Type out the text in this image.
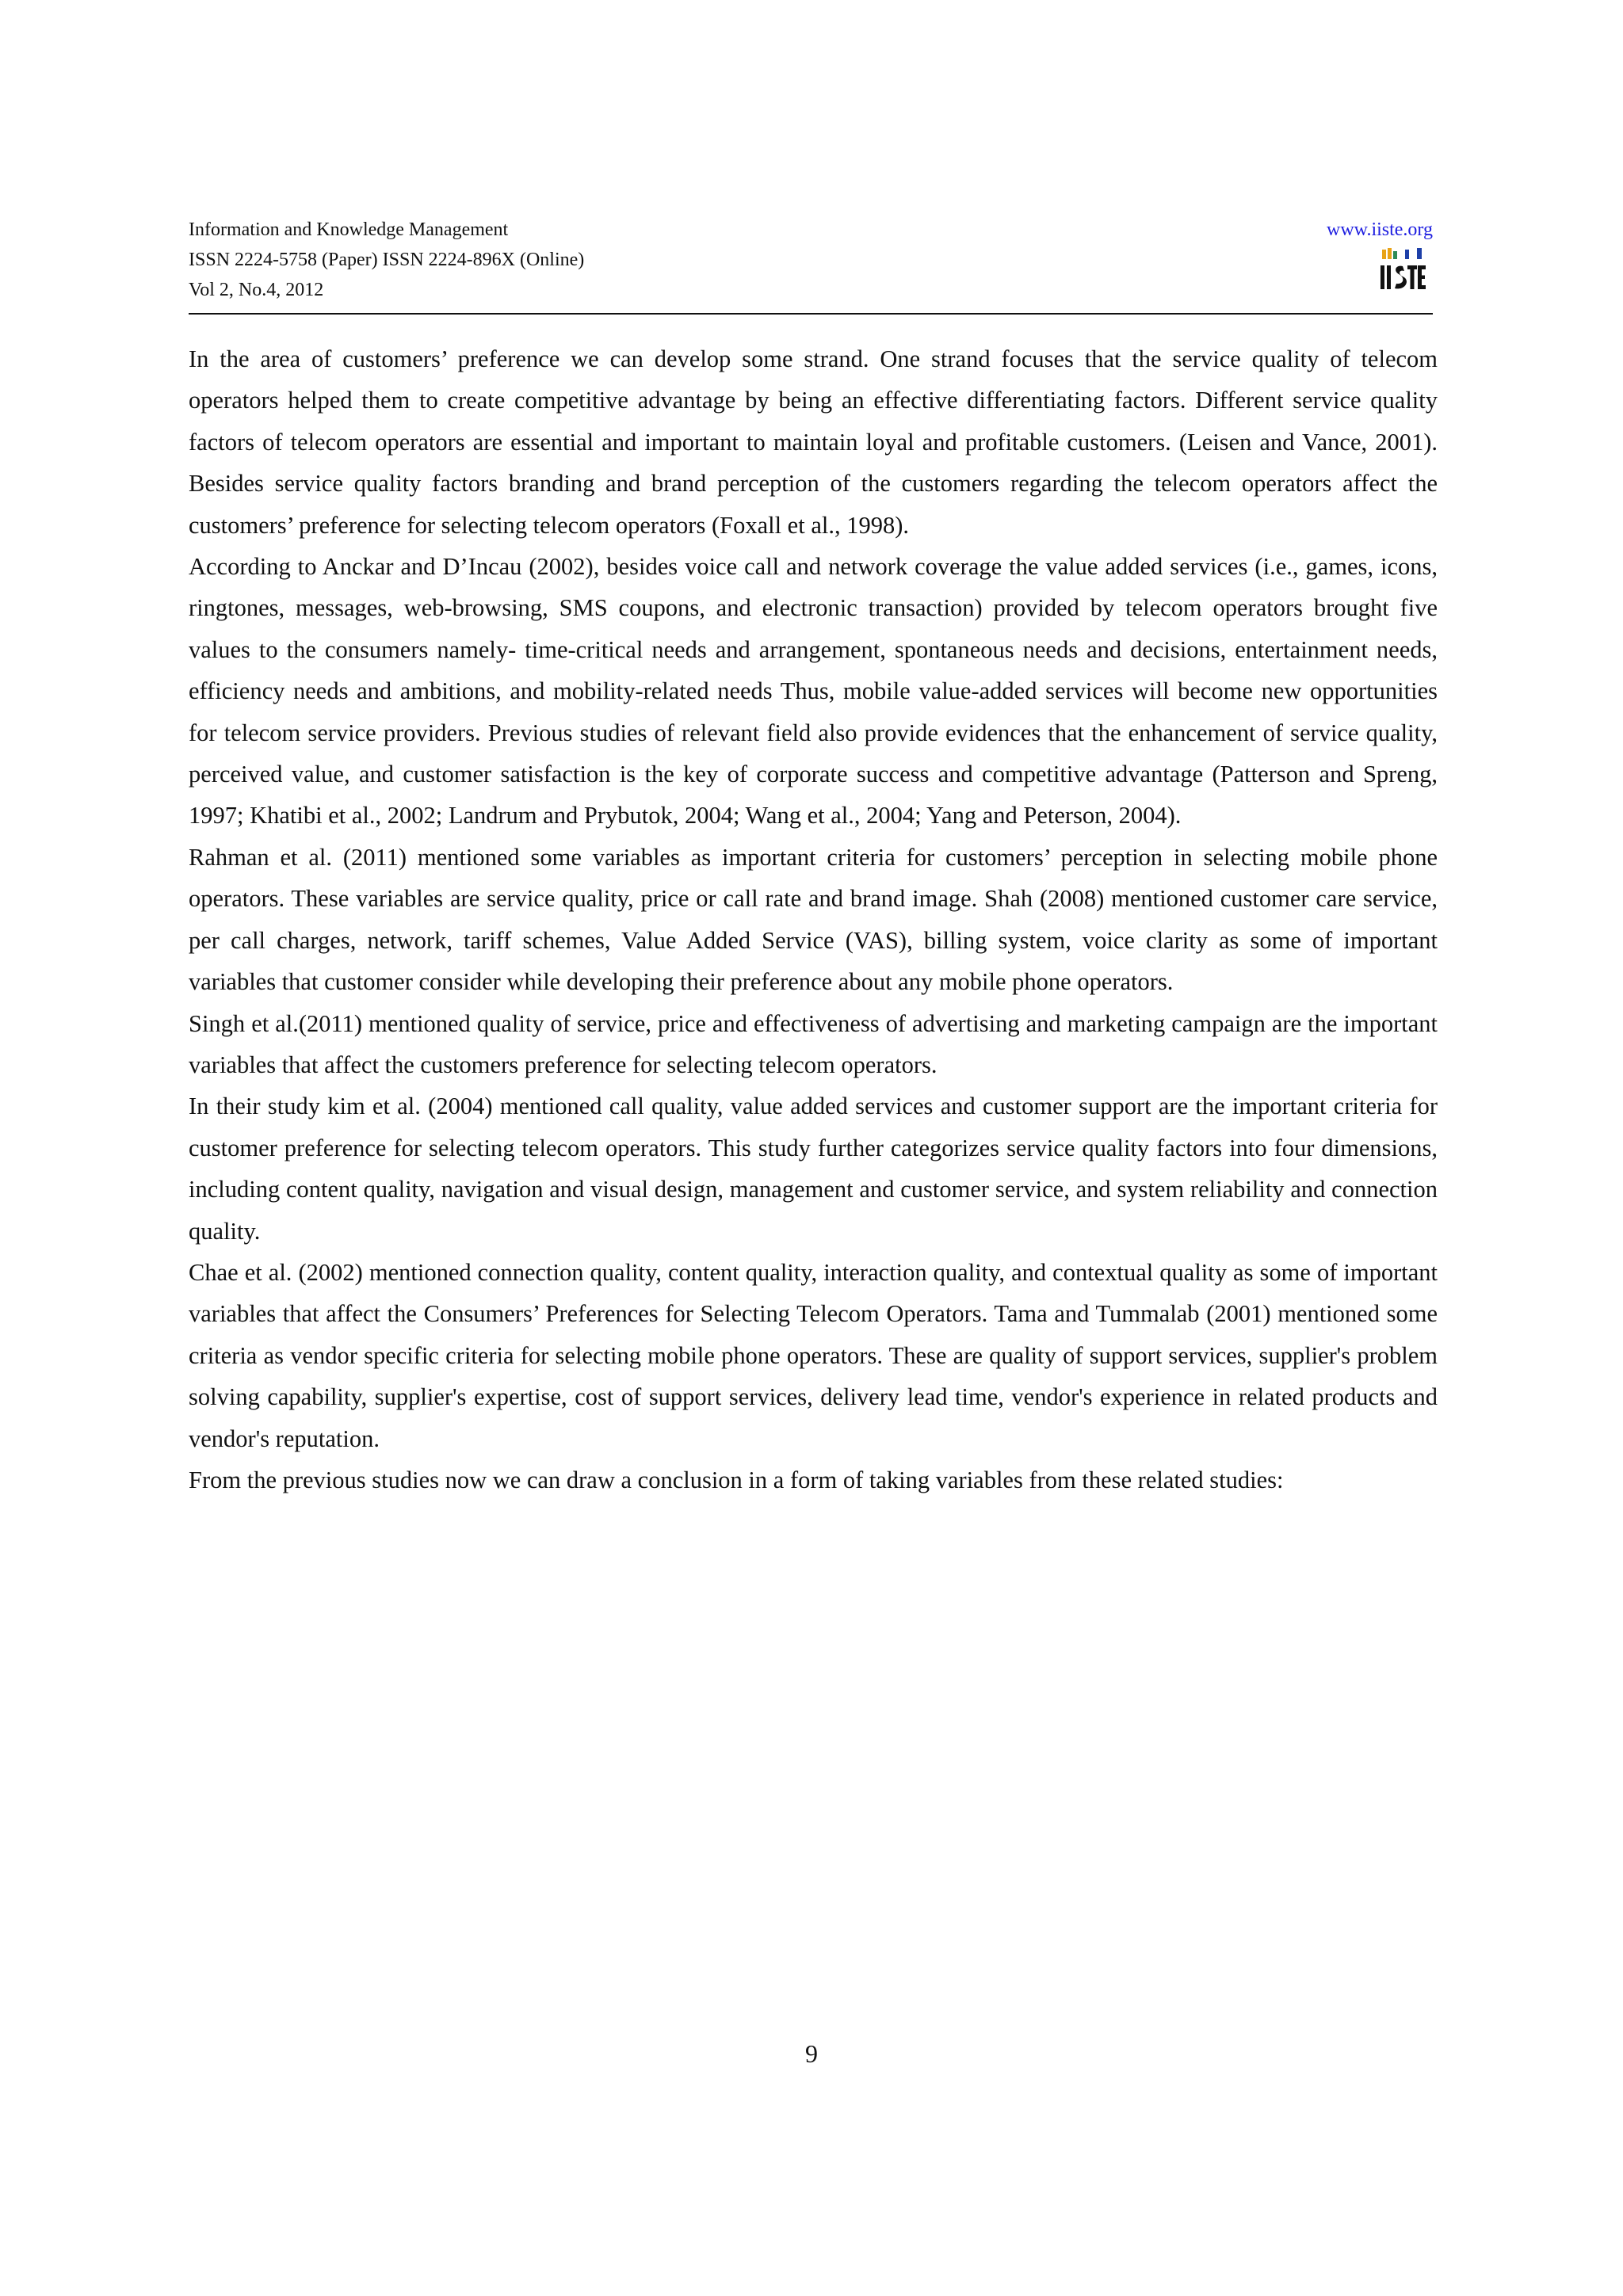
Information and Knowledge Management
ISSN 2224-5758 (Paper) ISSN 2224-896X (Online)
Vol 2, No.4, 2012
www.iiste.org

In the area of customers’ preference we can develop some strand. One strand focuses that the service quality of telecom operators helped them to create competitive advantage by being an effective differentiating factors. Different service quality factors of telecom operators are essential and important to maintain loyal and profitable customers. (Leisen and Vance, 2001). Besides service quality factors branding and brand perception of the customers regarding the telecom operators affect the customers’ preference for selecting telecom operators (Foxall et al., 1998).

According to Anckar and D’Incau (2002), besides voice call and network coverage the value added services (i.e., games, icons, ringtones, messages, web-browsing, SMS coupons, and electronic transaction) provided by telecom operators brought five values to the consumers namely- time-critical needs and arrangement, spontaneous needs and decisions, entertainment needs, efficiency needs and ambitions, and mobility-related needs Thus, mobile value-added services will become new opportunities for telecom service providers. Previous studies of relevant field also provide evidences that the enhancement of service quality, perceived value, and customer satisfaction is the key of corporate success and competitive advantage (Patterson and Spreng, 1997; Khatibi et al., 2002; Landrum and Prybutok, 2004; Wang et al., 2004; Yang and Peterson, 2004).

Rahman et al. (2011) mentioned some variables as important criteria for customers’ perception in selecting mobile phone operators. These variables are service quality, price or call rate and brand image. Shah (2008) mentioned customer care service, per call charges, network, tariff schemes, Value Added Service (VAS), billing system, voice clarity as some of important variables that customer consider while developing their preference about any mobile phone operators.

Singh et al.(2011) mentioned quality of service, price and effectiveness of advertising and marketing campaign are the important variables that affect the customers preference for selecting telecom operators.

In their study kim et al. (2004) mentioned call quality, value added services and customer support are the important criteria for customer preference for selecting telecom operators. This study further categorizes service quality factors into four dimensions, including content quality, navigation and visual design, management and customer service, and system reliability and connection quality.

Chae et al. (2002) mentioned connection quality, content quality, interaction quality, and contextual quality as some of important variables that affect the Consumers’ Preferences for Selecting Telecom Operators. Tama and Tummalab (2001) mentioned some criteria as vendor specific criteria for selecting mobile phone operators. These are quality of support services, supplier's problem solving capability, supplier's expertise, cost of support services, delivery lead time, vendor's experience in related products and vendor's reputation.

From the previous studies now we can draw a conclusion in a form of taking variables from these related studies:

9
